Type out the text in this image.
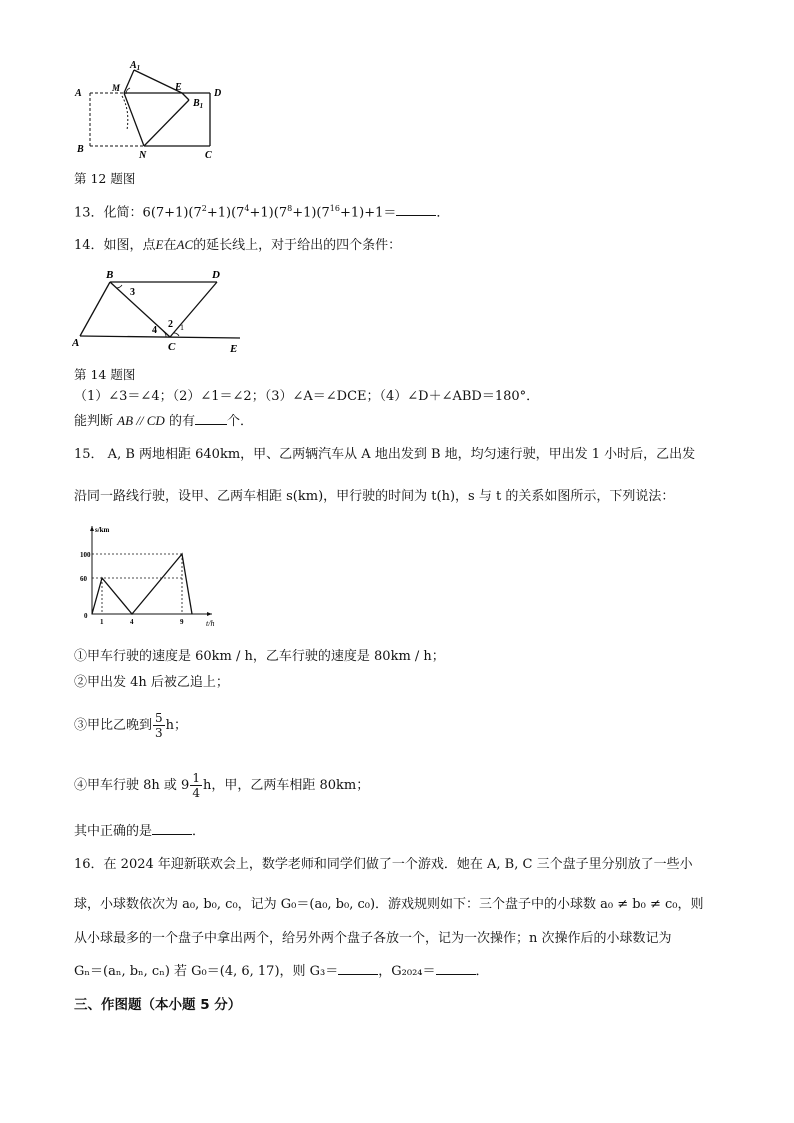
A
$A_1$
M	E
D
$B_1$
B
N	C
第 12 题图
13．化简：$6(7+1)(7^2+1)(7^4+1)(7^8+1)(7^{16}+1)+1=$	．
14．如图，点E在AC的延长线上，对于给出的四个条件：
B	D
A	C	E
1
2
3
4
第 14 题图
（1）∠3＝∠4；（2）∠1＝∠2；（3）∠A＝∠DCE；（4）∠D＋∠ABD＝180°．
能判断 AB // CD 的有 个．
15． A, B 两地相距 640km，甲、乙两辆汽车从 A 地出发到 B 地，均匀速行驶，甲出发 1 小时后，乙出发
沿同一路线行驶，设甲、乙两车相距 s(km)，甲行驶的时间为 t(h)，s 与 t 的关系如图所示，下列说法：
s/km
t/h
0
60
100
1	4	9
①甲车行驶的速度是 60km / h，乙车行驶的速度是 80km / h；
②甲出发 4h 后被乙追上；
③甲比乙晚到 $\frac{5}{3}$ h；
④甲车行驶 8h 或 $9 \frac{1}{4}$ h，甲，乙两车相距 80km；
其中正确的是	．
16．在 2024 年迎新联欢会上，数学老师和同学们做了一个游戏．她在 A, B, C 三个盘子里分别放了一些小
球，小球数依次为 a₀, b₀, c₀，记为 G₀＝(a₀, b₀, c₀)．游戏规则如下：三个盘子中的小球数 a₀ ≠ b₀ ≠ c₀，则
从小球最多的一个盘子中拿出两个，给另外两个盘子各放一个，记为一次操作；n 次操作后的小球数记为
Gₙ＝(aₙ, bₙ, cₙ) 若 G₀＝(4, 6, 17)，则 G₃＝	，G₂₀₂₄＝	．
三、作图题（本小题 5 分）
